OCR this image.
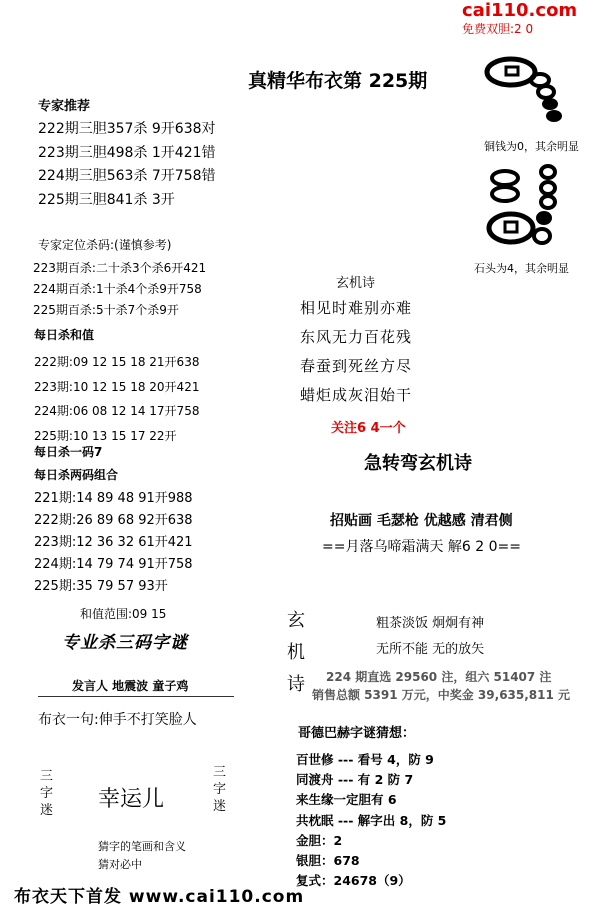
cai110.com
免费双胆:2 0
真精华布衣第 225期
专家推荐
222期三胆357杀 9开638对
223期三胆498杀 1开421错
224期三胆563杀 7开758错
225期三胆841杀 3开
专家定位杀码:(谨慎参考)
223期百杀:二十杀3个杀6开421
224期百杀:1十杀4个杀9开758
225期百杀:5十杀7个杀9开
每日杀和值
222期:09 12 15 18 21开638
223期:10 12 15 18 20开421
224期:06 08 12 14 17开758
225期:10 13 15 17 22开
每日杀一码7
每日杀两码组合
221期:14 89 48 91开988
222期:26 89 68 92开638
223期:12 36 32 61开421
224期:14 79 74 91开758
225期:35 79 57 93开
和值范围:09 15
专业杀三码字谜
发言人 地震波 童子鸡
布衣一句:伸手不打笑脸人
三字迷 幸运儿
三字迷
猜字的笔画和含义
猜对必中
铜钱为0，其余明显
石头为4，其余明显
玄机诗
相见时难别亦难
东风无力百花残
春蚕到死丝方尽
蜡炬成灰泪始干
关注6 4一个
急转弯玄机诗
招贴画 毛瑟枪 优越感 清君侧
==月落乌啼霜满天 解6 2 0==
玄
机
诗
粗茶淡饭 炯炯有神
无所不能 无的放矢
224 期直选 29560 注，组六 51407 注
销售总额 5391 万元，中奖金 39,635,811 元
哥德巴赫字谜猜想：
百世修 --- 看号 4，防 9
同渡舟 --- 有 2 防 7
来生缘一定胆有 6
共枕眠 --- 解字出 8，防 5
金胆：2
银胆：678
复式：24678（9）
布衣天下首发 www.cai110.com
